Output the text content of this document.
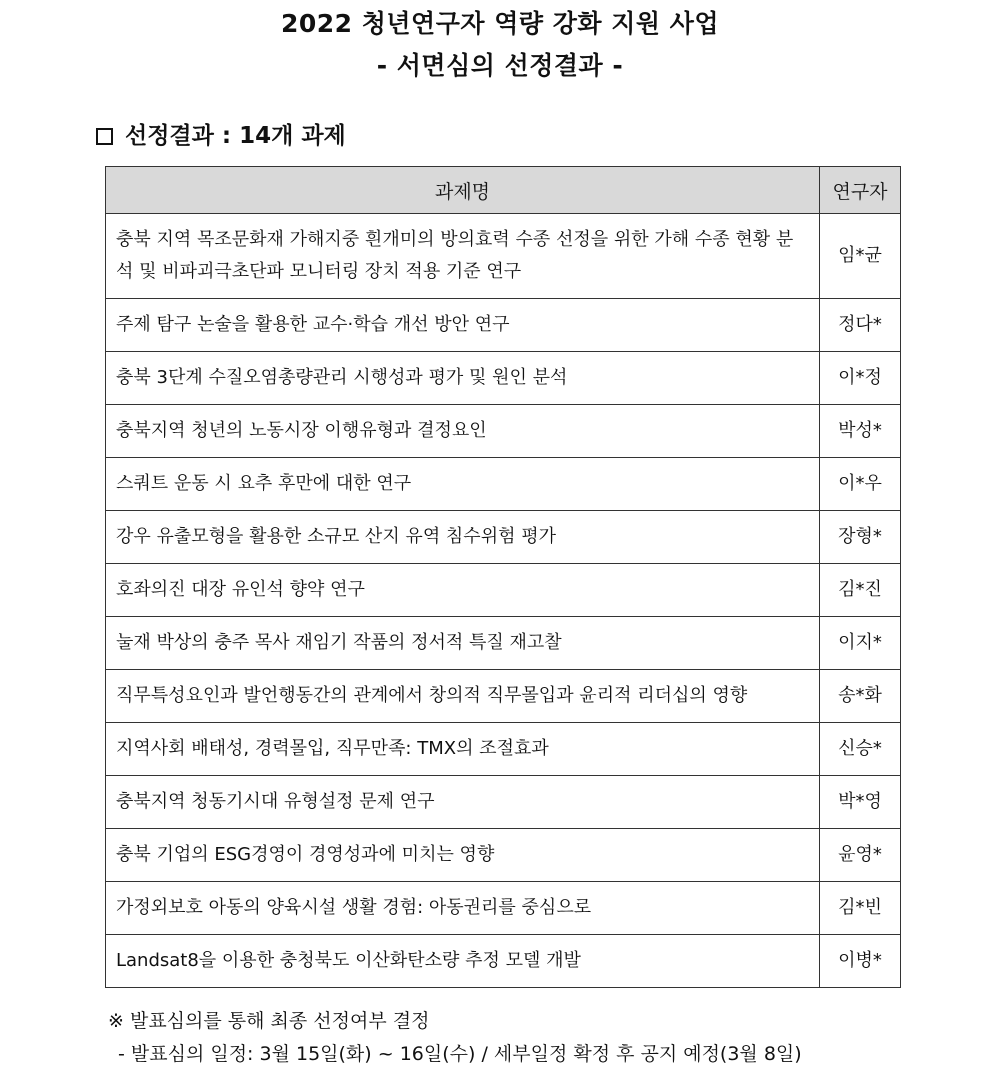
2022 청년연구자 역량 강화 지원 사업
- 서면심의 선정결과 -
선정결과 : 14개 과제
과제명	연구자
충북 지역 목조문화재 가해지중 흰개미의 방의효력 수종 선정을 위한 가해 수종 현황 분석 및 비파괴극초단파 모니터링 장치 적용 기준 연구	임*균
주제 탐구 논술을 활용한 교수·학습 개선 방안 연구	정다*
충북 3단계 수질오염총량관리 시행성과 평가 및 원인 분석	이*정
충북지역 청년의 노동시장 이행유형과 결정요인	박성*
스쿼트 운동 시 요추 후만에 대한 연구	이*우
강우 유출모형을 활용한 소규모 산지 유역 침수위험 평가	장형*
호좌의진 대장 유인석 향약 연구	김*진
눌재 박상의 충주 목사 재임기 작품의 정서적 특질 재고찰	이지*
직무특성요인과 발언행동간의 관계에서 창의적 직무몰입과 윤리적 리더십의 영향	송*화
지역사회 배태성, 경력몰입, 직무만족: TMX의 조절효과	신승*
충북지역 청동기시대 유형설정 문제 연구	박*영
충북 기업의 ESG경영이 경영성과에 미치는 영향	윤영*
가정외보호 아동의 양육시설 생활 경험: 아동권리를 중심으로	김*빈
Landsat8을 이용한 충청북도 이산화탄소량 추정 모델 개발	이병*
※ 발표심의를 통해 최종 선정여부 결정
- 발표심의 일정: 3월 15일(화) ~ 16일(수) / 세부일정 확정 후 공지 예정(3월 8일)
